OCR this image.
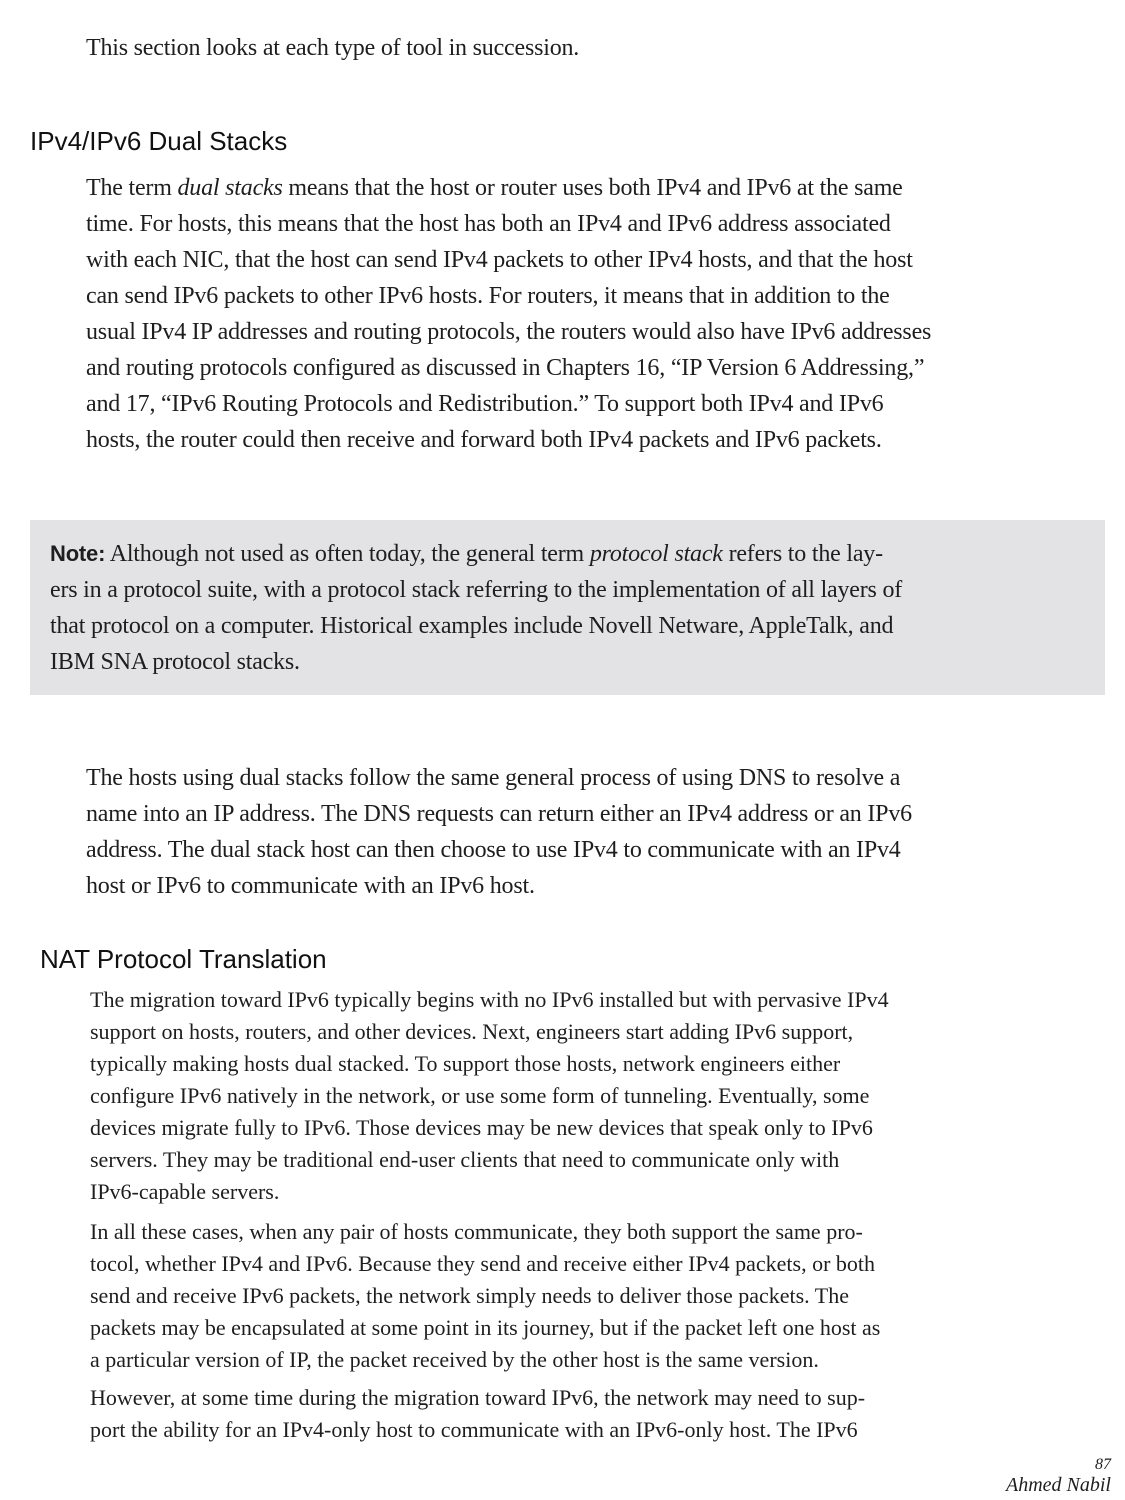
This section looks at each type of tool in succession.

IPv4/IPv6 Dual Stacks

The term dual stacks means that the host or router uses both IPv4 and IPv6 at the same
time. For hosts, this means that the host has both an IPv4 and IPv6 address associated
with each NIC, that the host can send IPv4 packets to other IPv4 hosts, and that the host
can send IPv6 packets to other IPv6 hosts. For routers, it means that in addition to the
usual IPv4 IP addresses and routing protocols, the routers would also have IPv6 addresses
and routing protocols configured as discussed in Chapters 16, “IP Version 6 Addressing,”
and 17, “IPv6 Routing Protocols and Redistribution.” To support both IPv4 and IPv6
hosts, the router could then receive and forward both IPv4 packets and IPv6 packets.

Note: Although not used as often today, the general term protocol stack refers to the lay-
ers in a protocol suite, with a protocol stack referring to the implementation of all layers of
that protocol on a computer. Historical examples include Novell Netware, AppleTalk, and
IBM SNA protocol stacks.

The hosts using dual stacks follow the same general process of using DNS to resolve a
name into an IP address. The DNS requests can return either an IPv4 address or an IPv6
address. The dual stack host can then choose to use IPv4 to communicate with an IPv4
host or IPv6 to communicate with an IPv6 host.

NAT Protocol Translation

The migration toward IPv6 typically begins with no IPv6 installed but with pervasive IPv4
support on hosts, routers, and other devices. Next, engineers start adding IPv6 support,
typically making hosts dual stacked. To support those hosts, network engineers either
configure IPv6 natively in the network, or use some form of tunneling. Eventually, some
devices migrate fully to IPv6. Those devices may be new devices that speak only to IPv6
servers. They may be traditional end-user clients that need to communicate only with
IPv6-capable servers.

In all these cases, when any pair of hosts communicate, they both support the same pro-
tocol, whether IPv4 and IPv6. Because they send and receive either IPv4 packets, or both
send and receive IPv6 packets, the network simply needs to deliver those packets. The
packets may be encapsulated at some point in its journey, but if the packet left one host as
a particular version of IP, the packet received by the other host is the same version.

However, at some time during the migration toward IPv6, the network may need to sup-
port the ability for an IPv4-only host to communicate with an IPv6-only host. The IPv6

87
Ahmed Nabil
